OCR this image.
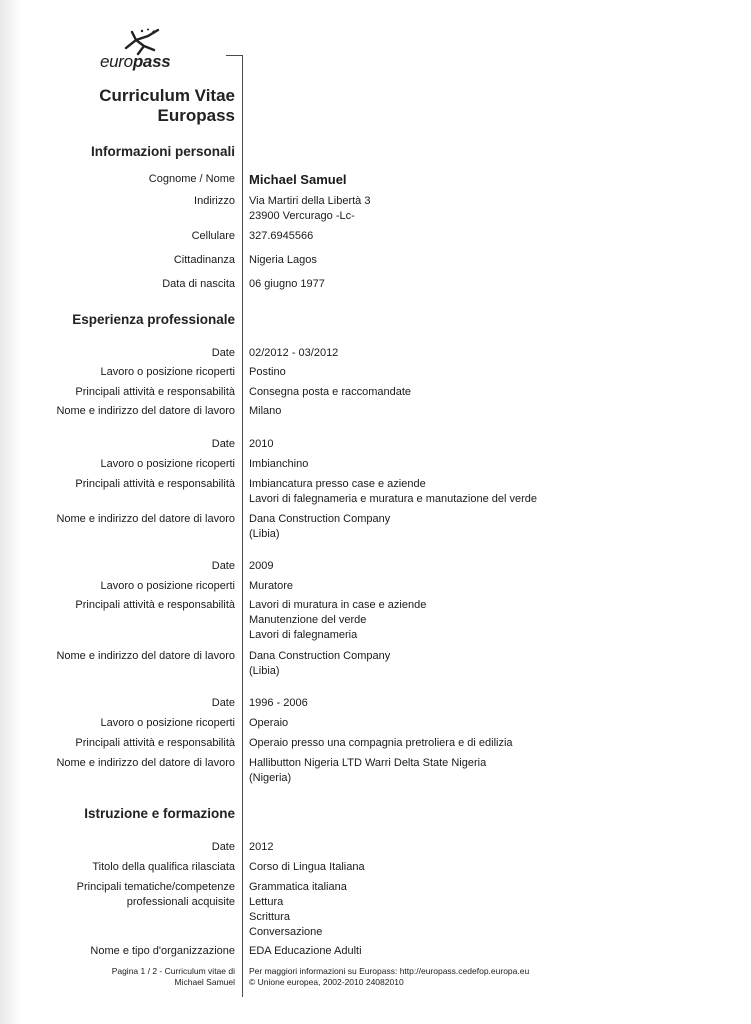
europass
Curriculum Vitae
Europass
Informazioni personali
Cognome / Nome Michael Samuel
Indirizzo Via Martiri della Libertà 3
23900 Vercurago -Lc-
Cellulare 327.6945566
Cittadinanza Nigeria Lagos
Data di nascita 06 giugno 1977
Esperienza professionale
Date 02/2012 - 03/2012
Lavoro o posizione ricoperti Postino
Principali attività e responsabilità Consegna posta e raccomandate
Nome e indirizzo del datore di lavoro Milano
Date 2010
Lavoro o posizione ricoperti Imbianchino
Principali attività e responsabilità Imbiancatura presso case e aziende
Lavori di falegnameria e muratura e manutazione del verde
Nome e indirizzo del datore di lavoro Dana Construction Company
(Libia)
Date 2009
Lavoro o posizione ricoperti Muratore
Principali attività e responsabilità Lavori di muratura in case e aziende
Manutenzione del verde
Lavori di falegnameria
Nome e indirizzo del datore di lavoro Dana Construction Company
(Libia)
Date 1996 - 2006
Lavoro o posizione ricoperti Operaio
Principali attività e responsabilità Operaio presso una compagnia pretroliera e di edilizia
Nome e indirizzo del datore di lavoro Hallibutton Nigeria LTD Warri Delta State Nigeria
(Nigeria)
Istruzione e formazione
Date 2012
Titolo della qualifica rilasciata Corso di Lingua Italiana
Principali tematiche/competenze
professionali acquisite
Grammatica italiana
Lettura
Scrittura
Conversazione
Nome e tipo d'organizzazione EDA Educazione Adulti
Pagina 1 / 2 - Curriculum vitae di
Michael Samuel
Per maggiori informazioni su Europass: http://europass.cedefop.europa.eu
© Unione europea, 2002-2010 24082010
